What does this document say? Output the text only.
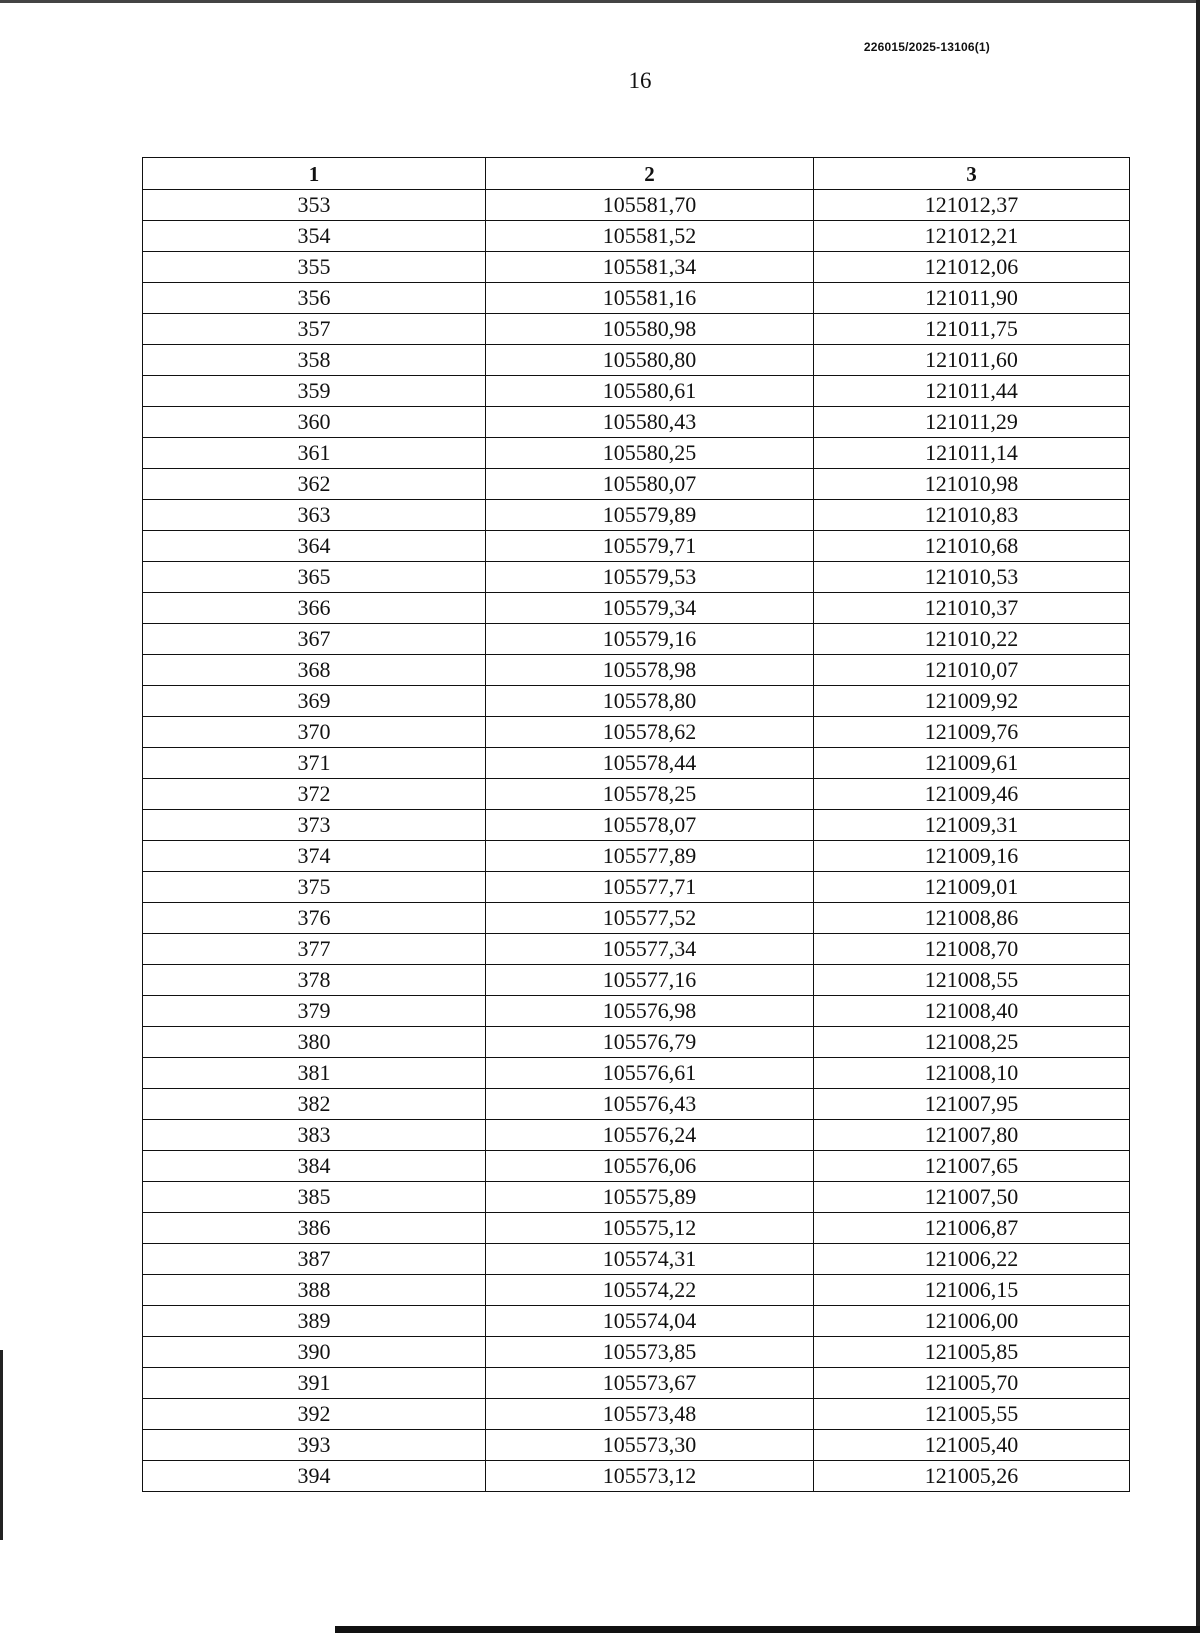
226015/2025-13106(1)
16
1	2	3
353	105581,70	121012,37
354	105581,52	121012,21
355	105581,34	121012,06
356	105581,16	121011,90
357	105580,98	121011,75
358	105580,80	121011,60
359	105580,61	121011,44
360	105580,43	121011,29
361	105580,25	121011,14
362	105580,07	121010,98
363	105579,89	121010,83
364	105579,71	121010,68
365	105579,53	121010,53
366	105579,34	121010,37
367	105579,16	121010,22
368	105578,98	121010,07
369	105578,80	121009,92
370	105578,62	121009,76
371	105578,44	121009,61
372	105578,25	121009,46
373	105578,07	121009,31
374	105577,89	121009,16
375	105577,71	121009,01
376	105577,52	121008,86
377	105577,34	121008,70
378	105577,16	121008,55
379	105576,98	121008,40
380	105576,79	121008,25
381	105576,61	121008,10
382	105576,43	121007,95
383	105576,24	121007,80
384	105576,06	121007,65
385	105575,89	121007,50
386	105575,12	121006,87
387	105574,31	121006,22
388	105574,22	121006,15
389	105574,04	121006,00
390	105573,85	121005,85
391	105573,67	121005,70
392	105573,48	121005,55
393	105573,30	121005,40
394	105573,12	121005,26
